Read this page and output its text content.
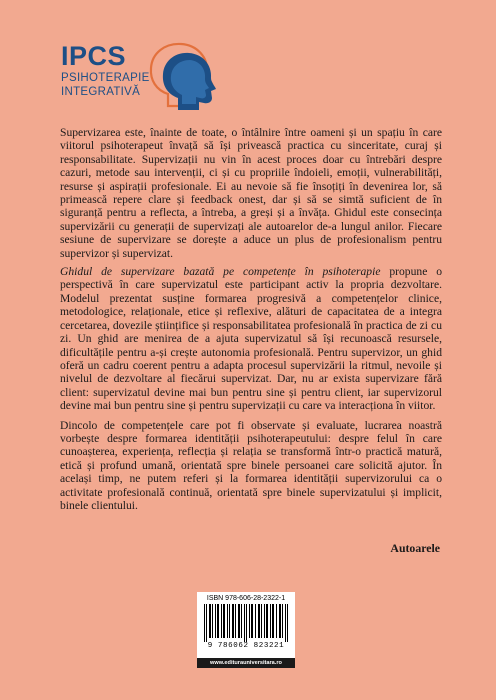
IPCS
PSIHOTERAPIE
INTEGRATIVĂ

Supervizarea este, înainte de toate, o întâlnire între oameni și un spațiu în care viitorul psihoterapeut învață să își privească practica cu sinceritate, curaj și responsabilitate. Supervizații nu vin în acest proces doar cu întrebări despre cazuri, metode sau intervenții, ci și cu propriile îndoieli, emoții, vulnerabilități, resurse și aspirații profesionale. Ei au nevoie să fie însoțiți în devenirea lor, să primească repere clare și feedback onest, dar și să se simtă suficient de în siguranță pentru a reflecta, a întreba, a greși și a învăța. Ghidul este consecința supervizării cu generații de supervizați ale autoarelor de-a lungul anilor. Fiecare sesiune de supervizare se dorește a aduce un plus de profesionalism pentru supervizor și supervizat.

Ghidul de supervizare bazată pe competențe în psihoterapie propune o perspectivă în care supervizatul este participant activ la propria dezvoltare. Modelul prezentat susține formarea progresivă a competențelor clinice, metodologice, relaționale, etice și reflexive, alături de capacitatea de a integra cercetarea, dovezile științifice și responsabilitatea profesională în practica de zi cu zi. Un ghid are menirea de a ajuta supervizatul să își recunoască resursele, dificultățile pentru a-și crește autonomia profesională. Pentru supervizor, un ghid oferă un cadru coerent pentru a adapta procesul supervizării la ritmul, nevoile și nivelul de dezvoltare al fiecărui supervizat. Dar, nu ar exista supervizare fără client: supervizatul devine mai bun pentru sine și pentru client, iar supervizorul devine mai bun pentru sine și pentru supervizații cu care va interacționa în viitor.

Dincolo de competențele care pot fi observate și evaluate, lucrarea noastră vorbește despre formarea identității psihoterapeutului: despre felul în care cunoașterea, experiența, reflecția și relația se transformă într-o practică matură, etică și profund umană, orientată spre binele persoanei care solicită ajutor. În același timp, ne putem referi și la formarea identității supervizorului ca o activitate profesională continuă, orientată spre binele supervizatului și implicit, binele clientului.

Autoarele
ISBN 978-606-28-2322-1
9 786062 823221
www.editurauniversitara.ro
